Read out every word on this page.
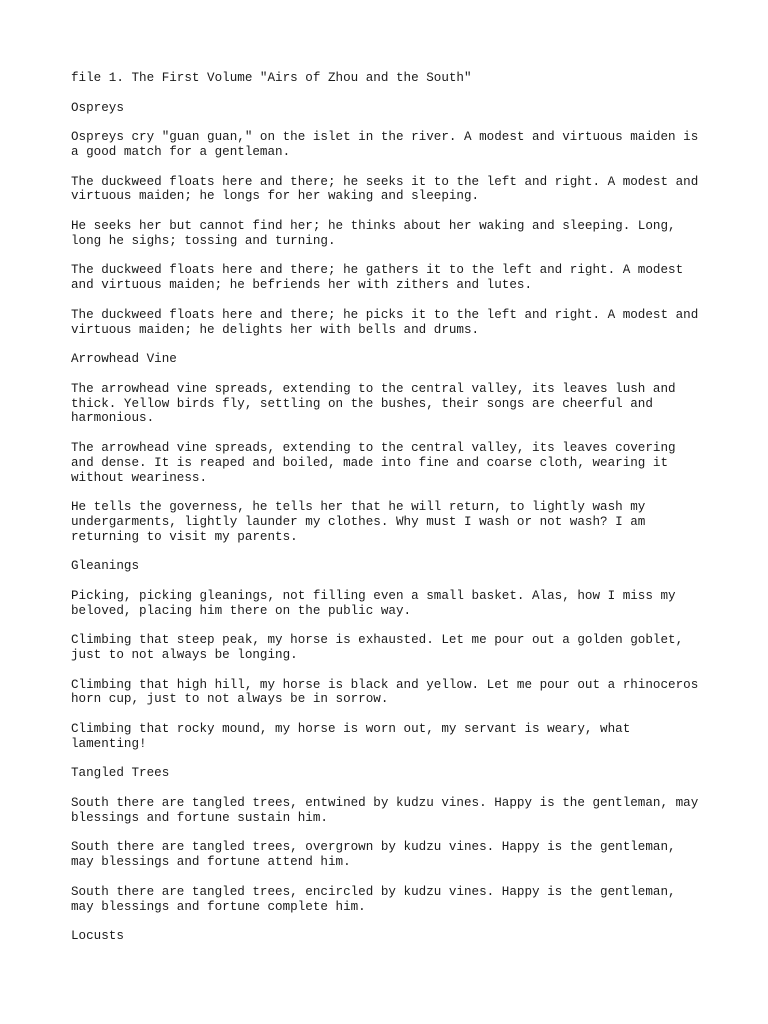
file 1. The First Volume "Airs of Zhou and the South"

Ospreys

Ospreys cry "guan guan," on the islet in the river. A modest and virtuous maiden is
a good match for a gentleman.

The duckweed floats here and there; he seeks it to the left and right. A modest and
virtuous maiden; he longs for her waking and sleeping.

He seeks her but cannot find her; he thinks about her waking and sleeping. Long,
long he sighs; tossing and turning.

The duckweed floats here and there; he gathers it to the left and right. A modest
and virtuous maiden; he befriends her with zithers and lutes.

The duckweed floats here and there; he picks it to the left and right. A modest and
virtuous maiden; he delights her with bells and drums.

Arrowhead Vine

The arrowhead vine spreads, extending to the central valley, its leaves lush and
thick. Yellow birds fly, settling on the bushes, their songs are cheerful and
harmonious.

The arrowhead vine spreads, extending to the central valley, its leaves covering
and dense. It is reaped and boiled, made into fine and coarse cloth, wearing it
without weariness.

He tells the governess, he tells her that he will return, to lightly wash my
undergarments, lightly launder my clothes. Why must I wash or not wash? I am
returning to visit my parents.

Gleanings

Picking, picking gleanings, not filling even a small basket. Alas, how I miss my
beloved, placing him there on the public way.

Climbing that steep peak, my horse is exhausted. Let me pour out a golden goblet,
just to not always be longing.

Climbing that high hill, my horse is black and yellow. Let me pour out a rhinoceros
horn cup, just to not always be in sorrow.

Climbing that rocky mound, my horse is worn out, my servant is weary, what
lamenting!

Tangled Trees

South there are tangled trees, entwined by kudzu vines. Happy is the gentleman, may
blessings and fortune sustain him.

South there are tangled trees, overgrown by kudzu vines. Happy is the gentleman,
may blessings and fortune attend him.

South there are tangled trees, encircled by kudzu vines. Happy is the gentleman,
may blessings and fortune complete him.

Locusts
